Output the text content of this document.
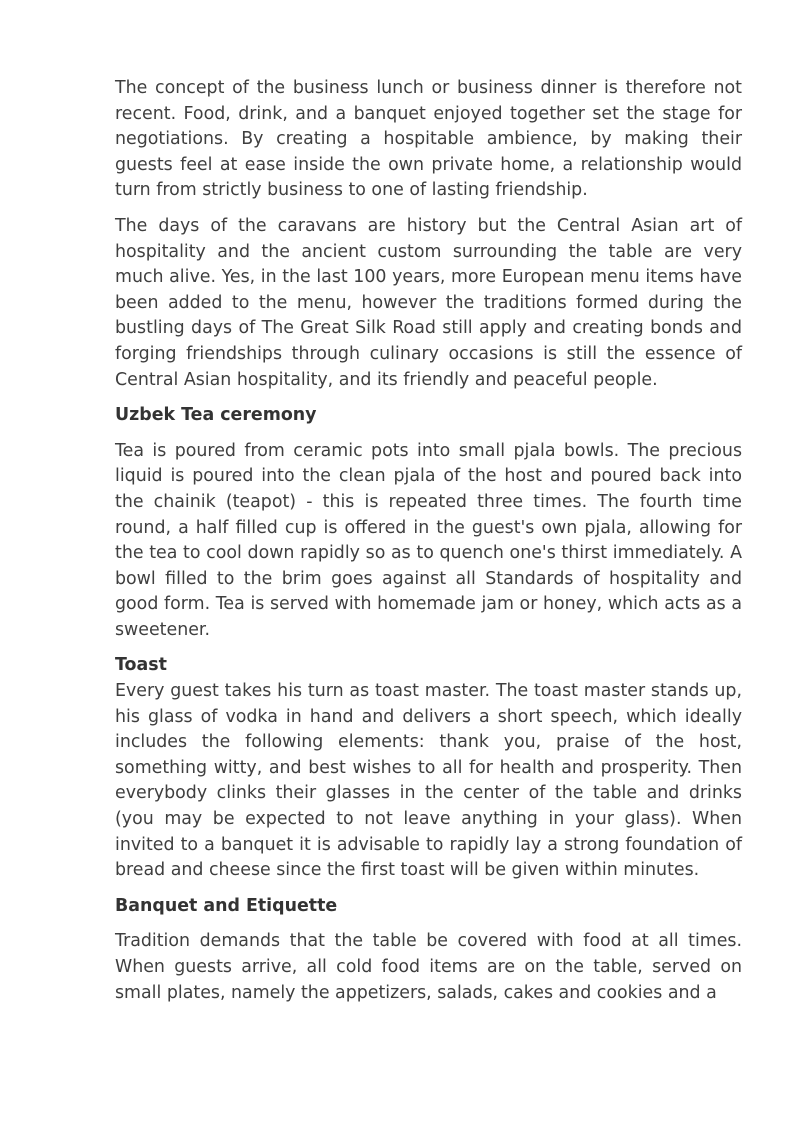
The concept of the business lunch or business dinner is therefore not recent. Food, drink, and a banquet enjoyed together set the stage for negotiations. By creating a hospitable ambience, by making their guests feel at ease inside the own private home, a relationship would turn from strictly business to one of lasting friendship.

The days of the caravans are history but the Central Asian art of hospitality and the ancient custom surrounding the table are very much alive. Yes, in the last 100 years, more European menu items have been added to the menu, however the traditions formed during the bustling days of The Great Silk Road still apply and creating bonds and forging friendships through culinary occasions is still the essence of Central Asian hospitality, and its friendly and peaceful people.

Uzbek Tea ceremony

Tea is poured from ceramic pots into small pjala bowls. The precious liquid is poured into the clean pjala of the host and poured back into the chainik (teapot) - this is repeated three times. The fourth time round, a half filled cup is offered in the guest's own pjala, allowing for the tea to cool down rapidly so as to quench one's thirst immediately. A bowl filled to the brim goes against all Standards of hospitality and good form. Tea is served with homemade jam or honey, which acts as a sweetener.

Toast

Every guest takes his turn as toast master. The toast master stands up, his glass of vodka in hand and delivers a short speech, which ideally includes the following elements: thank you, praise of the host, something witty, and best wishes to all for health and prosperity. Then everybody clinks their glasses in the center of the table and drinks (you may be expected to not leave anything in your glass). When invited to a banquet it is advisable to rapidly lay a strong foundation of bread and cheese since the first toast will be given within minutes.

Banquet and Etiquette

Tradition demands that the table be covered with food at all times. When guests arrive, all cold food items are on the table, served on small plates, namely the appetizers, salads, cakes and cookies and a
